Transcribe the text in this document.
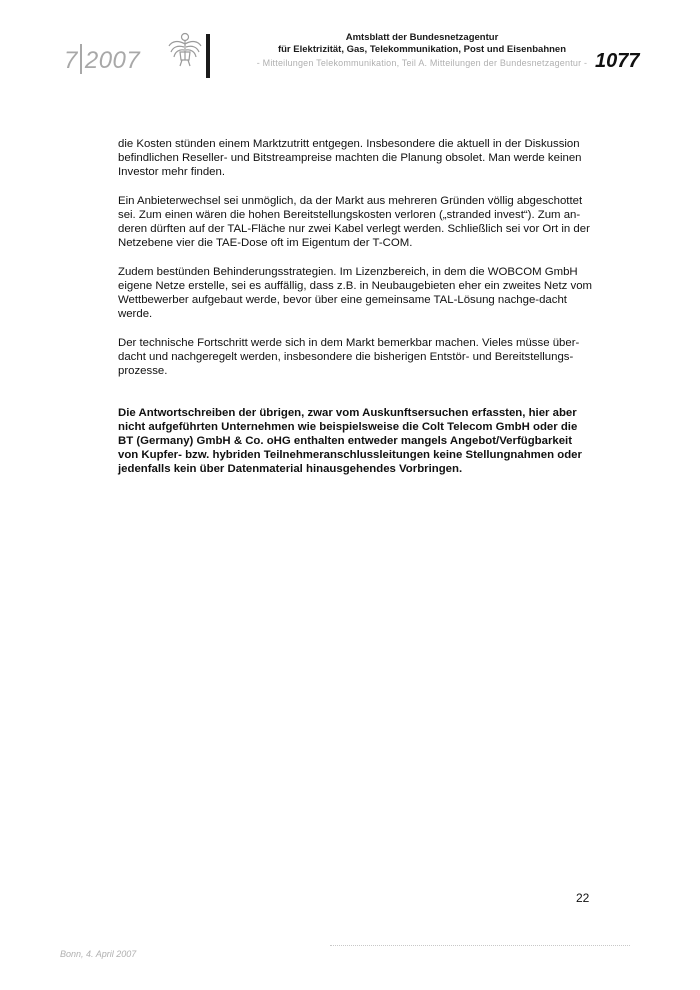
7 2007
Amtsblatt der Bundesnetzagentur
für Elektrizität, Gas, Telekommunikation, Post und Eisenbahnen
- Mitteilungen Telekommunikation, Teil A. Mitteilungen der Bundesnetzagentur - 1077

die Kosten stünden einem Marktzutritt entgegen. Insbesondere die aktuell in der Diskussion befindlichen Reseller- und Bitstreampreise machten die Planung obsolet. Man werde keinen Investor mehr finden.

Ein Anbieterwechsel sei unmöglich, da der Markt aus mehreren Gründen völlig abgeschottet sei. Zum einen wären die hohen Bereitstellungskosten verloren („stranded invest“). Zum an-deren dürften auf der TAL-Fläche nur zwei Kabel verlegt werden. Schließlich sei vor Ort in der Netzebene vier die TAE-Dose oft im Eigentum der T-COM.

Zudem bestünden Behinderungsstrategien. Im Lizenzbereich, in dem die WOBCOM GmbH eigene Netze erstelle, sei es auffällig, dass z.B. in Neubaugebieten eher ein zweites Netz vom Wettbewerber aufgebaut werde, bevor über eine gemeinsame TAL-Lösung nachge-dacht werde.

Der technische Fortschritt werde sich in dem Markt bemerkbar machen. Vieles müsse über-dacht und nachgeregelt werden, insbesondere die bisherigen Entstör- und Bereitstellungs-prozesse.

Die Antwortschreiben der übrigen, zwar vom Auskunftsersuchen erfassten, hier aber nicht aufgeführten Unternehmen wie beispielsweise die Colt Telecom GmbH oder die BT (Germany) GmbH & Co. oHG enthalten entweder mangels Angebot/Verfügbarkeit von Kupfer- bzw. hybriden Teilnehmeranschlussleitungen keine Stellungnahmen oder jedenfalls kein über Datenmaterial hinausgehendes Vorbringen.

22
Bonn, 4. April 2007
